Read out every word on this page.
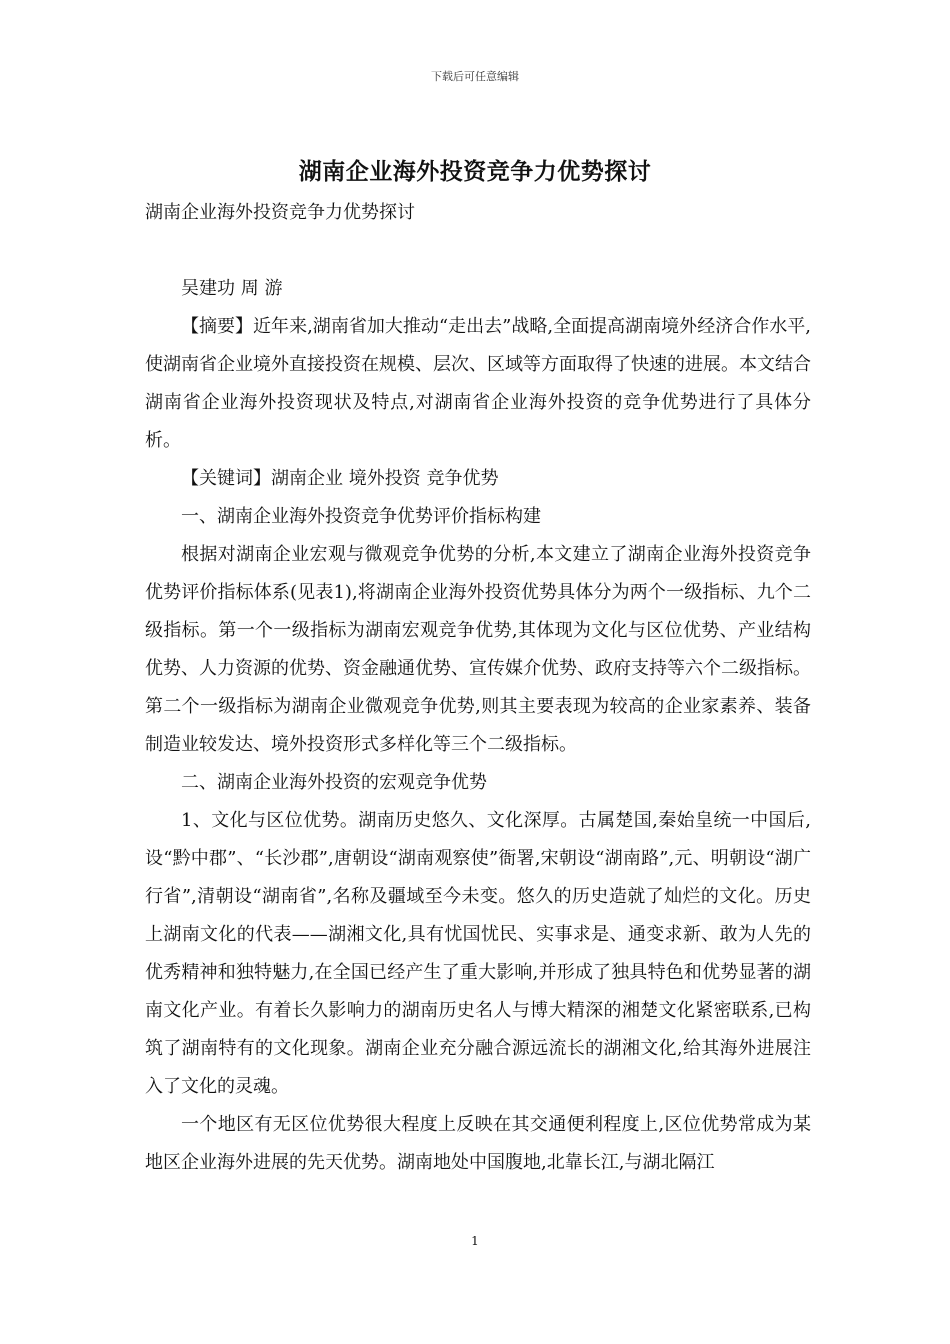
下载后可任意编辑
湖南企业海外投资竞争力优势探讨

湖南企业海外投资竞争力优势探讨

吴建功 周 游

【摘要】近年来,湖南省加大推动“走出去”战略,全面提高湖南境外经济合作水平,使湖南省企业境外直接投资在规模、层次、区域等方面取得了快速的进展。本文结合湖南省企业海外投资现状及特点,对湖南省企业海外投资的竞争优势进行了具体分析。

【关键词】湖南企业 境外投资 竞争优势

一、湖南企业海外投资竞争优势评价指标构建

根据对湖南企业宏观与微观竞争优势的分析,本文建立了湖南企业海外投资竞争优势评价指标体系(见表1),将湖南企业海外投资优势具体分为两个一级指标、九个二级指标。第一个一级指标为湖南宏观竞争优势,其体现为文化与区位优势、产业结构优势、人力资源的优势、资金融通优势、宣传媒介优势、政府支持等六个二级指标。第二个一级指标为湖南企业微观竞争优势,则其主要表现为较高的企业家素养、装备制造业较发达、境外投资形式多样化等三个二级指标。

二、湖南企业海外投资的宏观竞争优势

1、文化与区位优势。湖南历史悠久、文化深厚。古属楚国,秦始皇统一中国后,设“黔中郡”、“长沙郡”,唐朝设“湖南观察使”衙署,宋朝设“湖南路”,元、明朝设“湖广行省”,清朝设“湖南省”,名称及疆域至今未变。悠久的历史造就了灿烂的文化。历史上湖南文化的代表——湖湘文化,具有忧国忧民、实事求是、通变求新、敢为人先的优秀精神和独特魅力,在全国已经产生了重大影响,并形成了独具特色和优势显著的湖南文化产业。有着长久影响力的湖南历史名人与博大精深的湘楚文化紧密联系,已构筑了湖南特有的文化现象。湖南企业充分融合源远流长的湖湘文化,给其海外进展注入了文化的灵魂。

一个地区有无区位优势很大程度上反映在其交通便利程度上,区位优势常成为某地区企业海外进展的先天优势。湖南地处中国腹地,北靠长江,与湖北隔江

1
